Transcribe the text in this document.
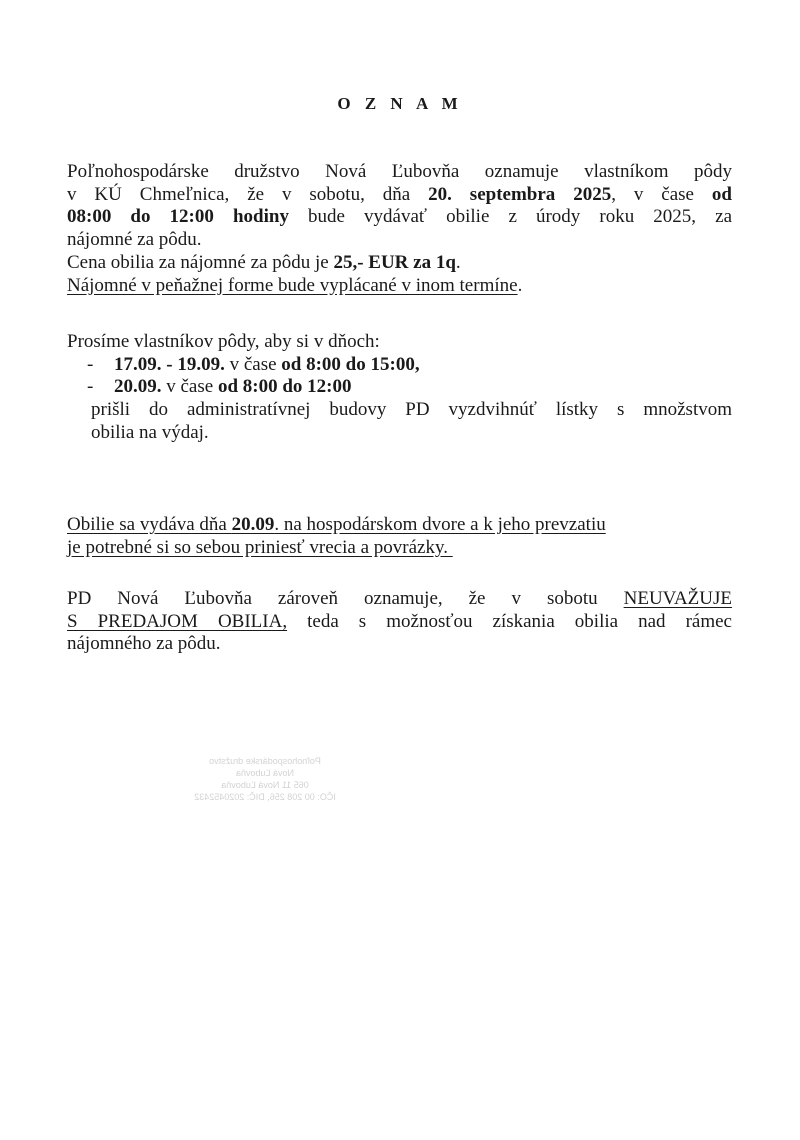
O Z N A M
Poľnohospodárske družstvo Nová Ľubovňa oznamuje vlastníkom pôdy
v KÚ Chmeľnica, že v sobotu, dňa 20. septembra 2025, v čase od
08:00 do 12:00 hodiny bude vydávať obilie z úrody roku 2025, za
nájomné za pôdu.
Cena obilia za nájomné za pôdu je 25,- EUR za 1q.
Nájomné v peňažnej forme bude vyplácané v inom termíne.
Prosíme vlastníkov pôdy, aby si v dňoch:
- 17.09. - 19.09. v čase od 8:00 do 15:00,
- 20.09. v čase od 8:00 do 12:00
prišli do administratívnej budovy PD vyzdvihnúť lístky s množstvom
obilia na výdaj.
Obilie sa vydáva dňa 20.09. na hospodárskom dvore a k jeho prevzatiu
je potrebné si so sebou priniesť vrecia a povrázky.
PD Nová Ľubovňa zároveň oznamuje, že v sobotu NEUVAŽUJE
S PREDAJOM OBILIA, teda s možnosťou získania obilia nad rámec
nájomného za pôdu.
Poľnohospodárske družstvo
Nová Ľubovňa
065 11 Nová Ľubovňa
IČO: 00 208 256, DIČ: 2020452432
